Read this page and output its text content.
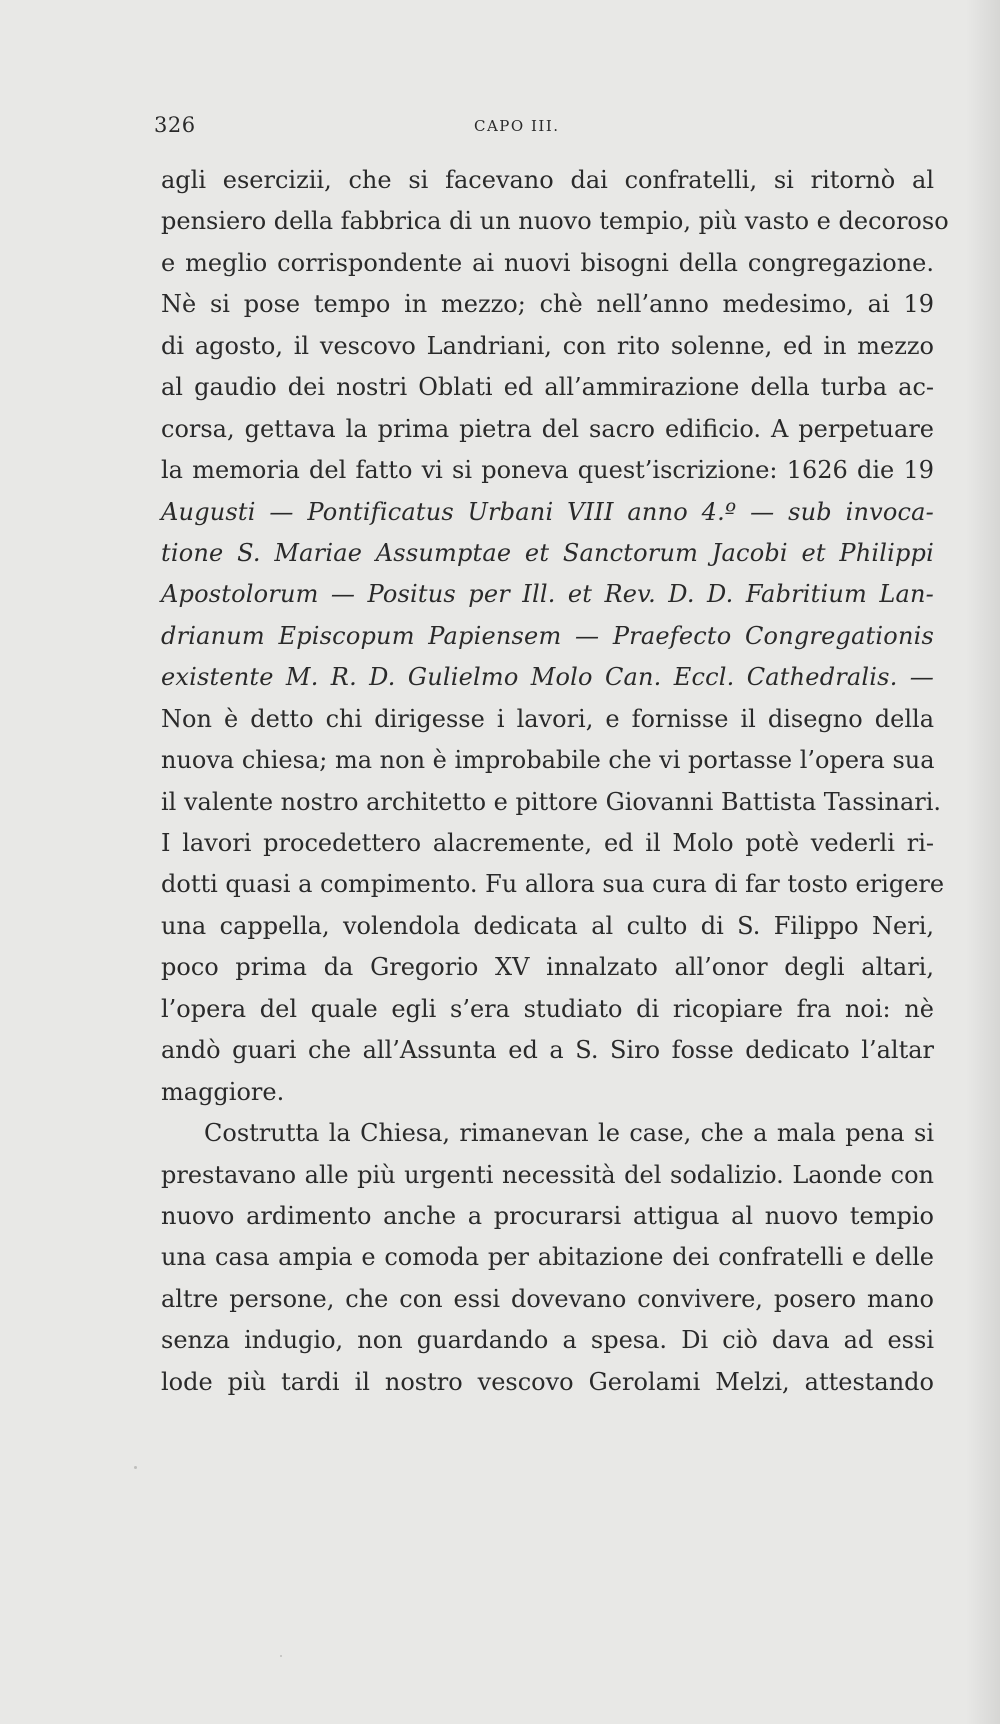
326	CAPO III.
agli esercizii, che si facevano dai confratelli, si ritornò al
pensiero della fabbrica di un nuovo tempio, più vasto e decoroso
e meglio corrispondente ai nuovi bisogni della congregazione.
Nè si pose tempo in mezzo; chè nell’anno medesimo, ai 19
di agosto, il vescovo Landriani, con rito solenne, ed in mezzo
al gaudio dei nostri Oblati ed all’ammirazione della turba ac-
corsa, gettava la prima pietra del sacro edificio. A perpetuare
la memoria del fatto vi si poneva quest’iscrizione: 1626 die 19
Augusti — Pontificatus Urbani VIII anno 4.º — sub invoca-
tione S. Mariae Assumptae et Sanctorum Jacobi et Philippi
Apostolorum — Positus per Ill. et Rev. D. D. Fabritium Lan-
drianum Episcopum Papiensem — Praefecto Congregationis
existente M. R. D. Gulielmo Molo Can. Eccl. Cathedralis. —
Non è detto chi dirigesse i lavori, e fornisse il disegno della
nuova chiesa; ma non è improbabile che vi portasse l’opera sua
il valente nostro architetto e pittore Giovanni Battista Tassinari.
I lavori procedettero alacremente, ed il Molo potè vederli ri-
dotti quasi a compimento. Fu allora sua cura di far tosto erigere
una cappella, volendola dedicata al culto di S. Filippo Neri,
poco prima da Gregorio XV innalzato all’onor degli altari,
l’opera del quale egli s’era studiato di ricopiare fra noi: nè
andò guari che all’Assunta ed a S. Siro fosse dedicato l’altar
maggiore.
Costrutta la Chiesa, rimanevan le case, che a mala pena si
prestavano alle più urgenti necessità del sodalizio. Laonde con
nuovo ardimento anche a procurarsi attigua al nuovo tempio
una casa ampia e comoda per abitazione dei confratelli e delle
altre persone, che con essi dovevano convivere, posero mano
senza indugio, non guardando a spesa. Di ciò dava ad essi
lode più tardi il nostro vescovo Gerolami Melzi, attestando
